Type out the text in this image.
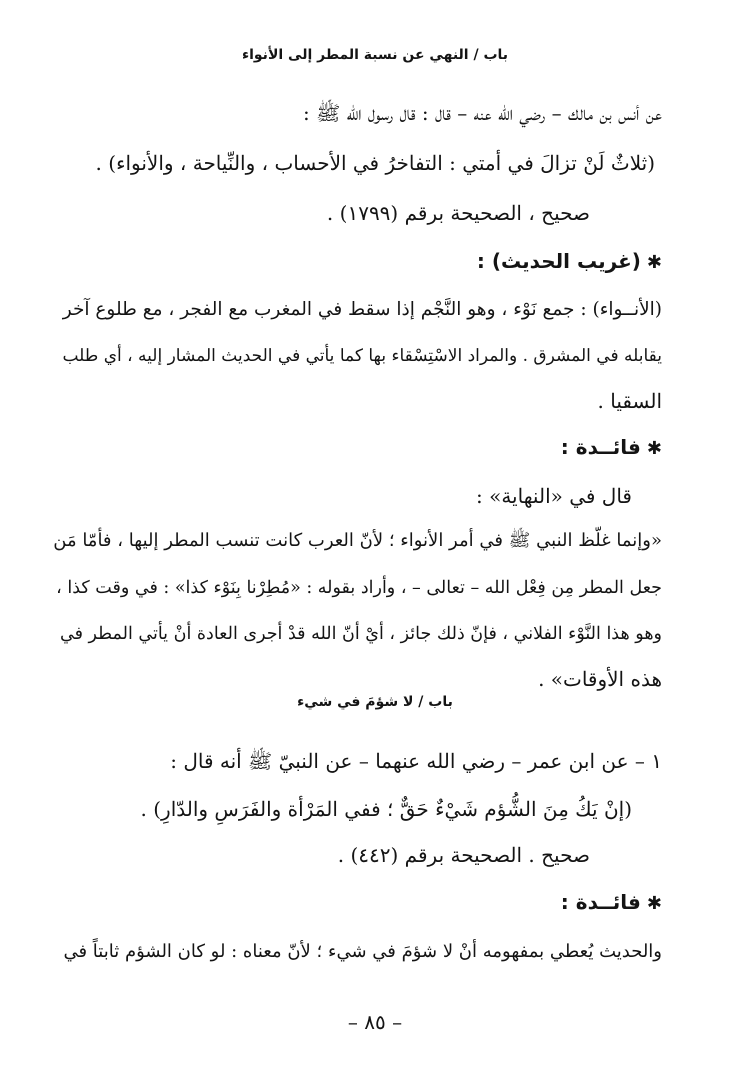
باب / النهي عن نسبة المطر إلى الأنواء
عن أنس بن مالك – رضي الله عنه – قال : قال رسول الله ﷺ :
(ثلاثٌ لَنْ تزالَ في أمتي : التفاخرُ في الأحساب ، والنِّياحة ، والأنواء) .
صحيح ، الصحيحة برقم (١٧٩٩) .
✱(غريب الحديث) :
(الأنــواء) : جمع نَوْء ، وهو النَّجْم إذا سقط في المغرب مع الفجر ، مع طلوع آخر
يقابله في المشرق . والمراد الاسْتِسْقاء بها كما يأتي في الحديث المشار إليه ، أي طلب
السقيا .
✱فائــدة :
قال في «النهاية» :
«وإنما غلّظ النبي ﷺ في أمر الأنواء ؛ لأنّ العرب كانت تنسب المطر إليها ، فأمّا مَن
جعل المطر مِن فِعْل الله – تعالى – ، وأراد بقوله : «مُطِرْنا بِنَوْء كذا» : في وقت كذا ،
وهو هذا النَّوْء الفلاني ، فإنّ ذلك جائز ، أيْ أنّ الله قدْ أجرى العادة أنْ يأتي المطر في
هذه الأوقات» .
باب / لا شؤمَ في شيء
١ – عن ابن عمر – رضي الله عنهما – عن النبيّ ﷺ أنه قال :
(إنْ يَكُ مِنَ الشُّؤم شَيْءٌ حَقٌّ ؛ ففي المَرْأة والفَرَسِ والدّارِ) .
صحيح . الصحيحة برقم (٤٤٢) .
✱فائــدة :
والحديث يُعطي بمفهومه أنْ لا شؤمَ في شيء ؛ لأنّ معناه : لو كان الشؤم ثابتاً في
– ٨٥ –
